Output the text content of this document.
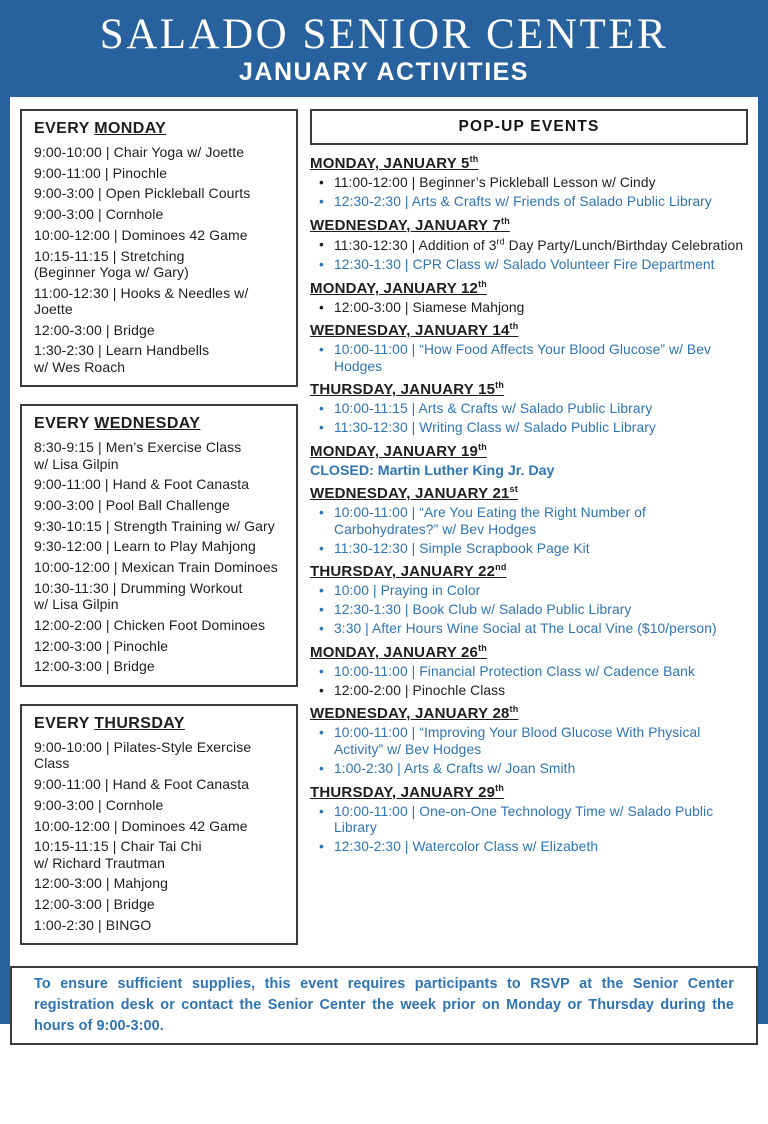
SALADO SENIOR CENTER
JANUARY ACTIVITIES
EVERY MONDAY
9:00-10:00 | Chair Yoga w/ Joette
9:00-11:00 | Pinochle
9:00-3:00 | Open Pickleball Courts
9:00-3:00 | Cornhole
10:00-12:00 | Dominoes 42 Game
10:15-11:15 | Stretching
(Beginner Yoga w/ Gary)
11:00-12:30 | Hooks & Needles w/ Joette
12:00-3:00 | Bridge
1:30-2:30 | Learn Handbells
w/ Wes Roach
EVERY WEDNESDAY
8:30-9:15 | Men’s Exercise Class
w/ Lisa Gilpin
9:00-11:00 | Hand & Foot Canasta
9:00-3:00 | Pool Ball Challenge
9:30-10:15 | Strength Training w/ Gary
9:30-12:00 | Learn to Play Mahjong
10:00-12:00 | Mexican Train Dominoes
10:30-11:30 | Drumming Workout
w/ Lisa Gilpin
12:00-2:00 | Chicken Foot Dominoes
12:00-3:00 | Pinochle
12:00-3:00 | Bridge
EVERY THURSDAY
9:00-10:00 | Pilates-Style Exercise Class
9:00-11:00 | Hand & Foot Canasta
9:00-3:00 | Cornhole
10:00-12:00 | Dominoes 42 Game
10:15-11:15 | Chair Tai Chi
w/ Richard Trautman
12:00-3:00 | Mahjong
12:00-3:00 | Bridge
1:00-2:30 | BINGO
POP-UP EVENTS
MONDAY, JANUARY 5th
• 11:00-12:00 | Beginner’s Pickleball Lesson w/ Cindy
• 12:30-2:30 | Arts & Crafts w/ Friends of Salado Public Library
WEDNESDAY, JANUARY 7th
• 11:30-12:30 | Addition of 3rd Day Party/Lunch/Birthday Celebration
• 12:30-1:30 | CPR Class w/ Salado Volunteer Fire Department
MONDAY, JANUARY 12th
• 12:00-3:00 | Siamese Mahjong
WEDNESDAY, JANUARY 14th
• 10:00-11:00 | “How Food Affects Your Blood Glucose” w/ Bev Hodges
THURSDAY, JANUARY 15th
• 10:00-11:15 | Arts & Crafts w/ Salado Public Library
• 11:30-12:30 | Writing Class w/ Salado Public Library
MONDAY, JANUARY 19th
CLOSED: Martin Luther King Jr. Day
WEDNESDAY, JANUARY 21st
• 10:00-11:00 | “Are You Eating the Right Number of Carbohydrates?” w/ Bev Hodges
• 11:30-12:30 | Simple Scrapbook Page Kit
THURSDAY, JANUARY 22nd
• 10:00 | Praying in Color
• 12:30-1:30 | Book Club w/ Salado Public Library
• 3:30 | After Hours Wine Social at The Local Vine ($10/person)
MONDAY, JANUARY 26th
• 10:00-11:00 | Financial Protection Class w/ Cadence Bank
• 12:00-2:00 | Pinochle Class
WEDNESDAY, JANUARY 28th
• 10:00-11:00 | “Improving Your Blood Glucose With Physical Activity” w/ Bev Hodges
• 1:00-2:30 | Arts & Crafts w/ Joan Smith
THURSDAY, JANUARY 29th
• 10:00-11:00 | One-on-One Technology Time w/ Salado Public Library
• 12:30-2:30 | Watercolor Class w/ Elizabeth

To ensure sufficient supplies, this event requires participants to RSVP at the Senior Center registration desk or contact the Senior Center the week prior on Monday or Thursday during the hours of 9:00-3:00.

JOIN US!
Salado United Methodist Church
Youth Activity Center (650 Royal St)
CONTACT US, LEARN MORE, OR GIVE A GIFT:
saladoseniorcenter.org
(254) 271-2415
